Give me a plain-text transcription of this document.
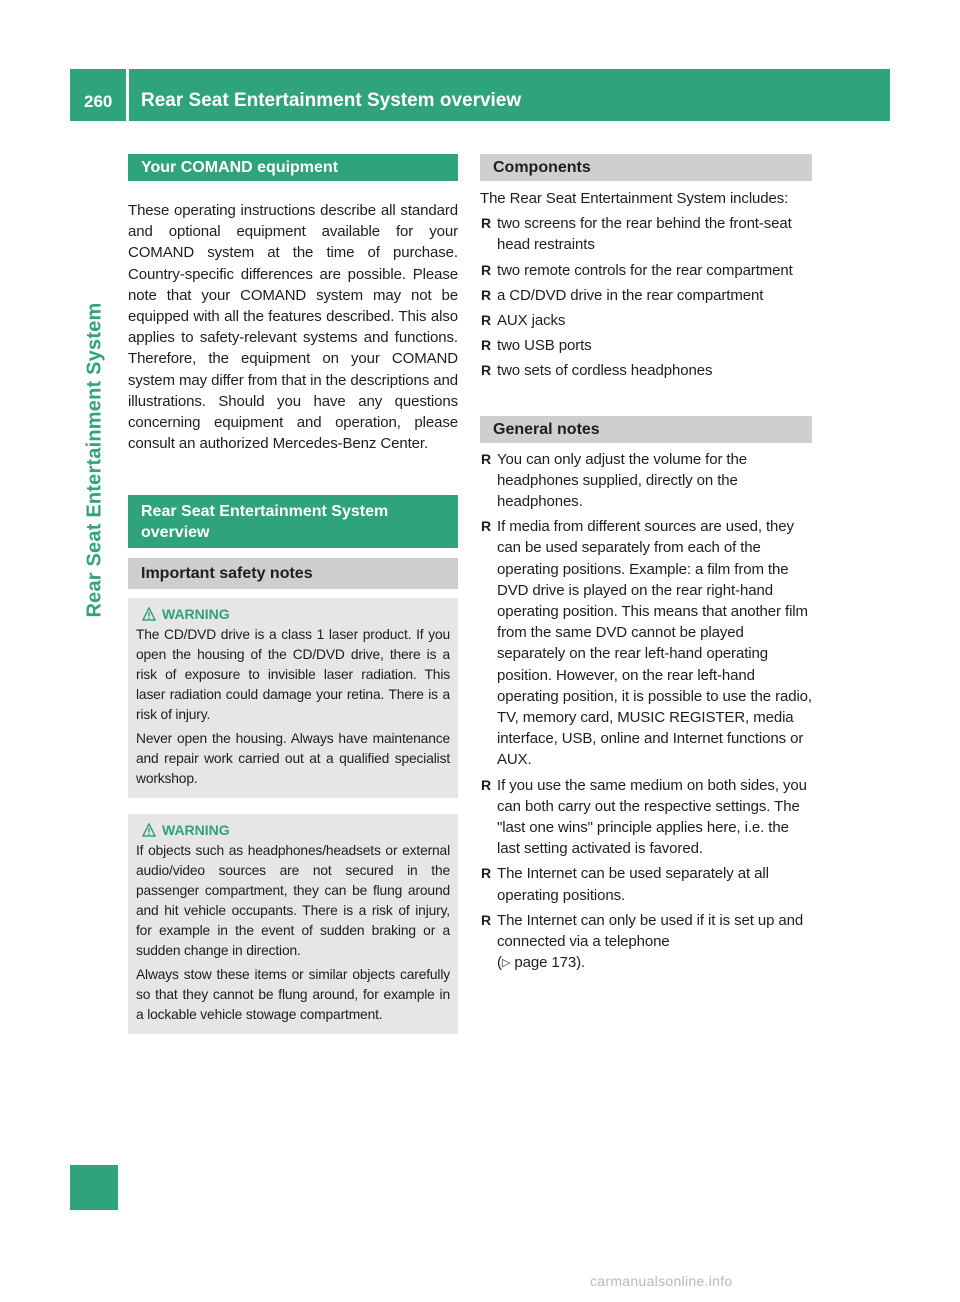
260	Rear Seat Entertainment System overview
Rear Seat Entertainment System
Your COMAND equipment

These operating instructions describe all standard and optional equipment available for your COMAND system at the time of purchase. Country-specific differences are possible. Please note that your COMAND system may not be equipped with all the features described. This also applies to safety-relevant systems and functions. Therefore, the equipment on your COMAND system may differ from that in the descriptions and illustrations. Should you have any questions concerning equipment and operation, please consult an authorized Mercedes-Benz Center.

Rear Seat Entertainment System overview
Important safety notes
WARNING

The CD/DVD drive is a class 1 laser product. If you open the housing of the CD/DVD drive, there is a risk of exposure to invisible laser radiation. This laser radiation could damage your retina. There is a risk of injury.

Never open the housing. Always have maintenance and repair work carried out at a qualified specialist workshop.

WARNING

If objects such as headphones/headsets or external audio/video sources are not secured in the passenger compartment, they can be flung around and hit vehicle occupants. There is a risk of injury, for example in the event of sudden braking or a sudden change in direction.

Always stow these items or similar objects carefully so that they cannot be flung around, for example in a lockable vehicle stowage compartment.

Components

The Rear Seat Entertainment System includes:

R two screens for the rear behind the front-seat head restraints
R two remote controls for the rear compartment
R a CD/DVD drive in the rear compartment
R AUX jacks
R two USB ports
R two sets of cordless headphones
General notes
R You can only adjust the volume for the headphones supplied, directly on the headphones.
R If media from different sources are used, they can be used separately from each of the operating positions. Example: a film from the DVD drive is played on the rear right-hand operating position. This means that another film from the same DVD cannot be played separately on the rear left-hand operating position. However, on the rear left-hand operating position, it is possible to use the radio, TV, memory card, MUSIC REGISTER, media interface, USB, online and Internet functions or AUX.
R If you use the same medium on both sides, you can both carry out the respective settings. The "last one wins" principle applies here, i.e. the last setting activated is favored.
R The Internet can be used separately at all operating positions.
R The Internet can only be used if it is set up and connected via a telephone
(▷ page 173).
carmanualsonline.info
